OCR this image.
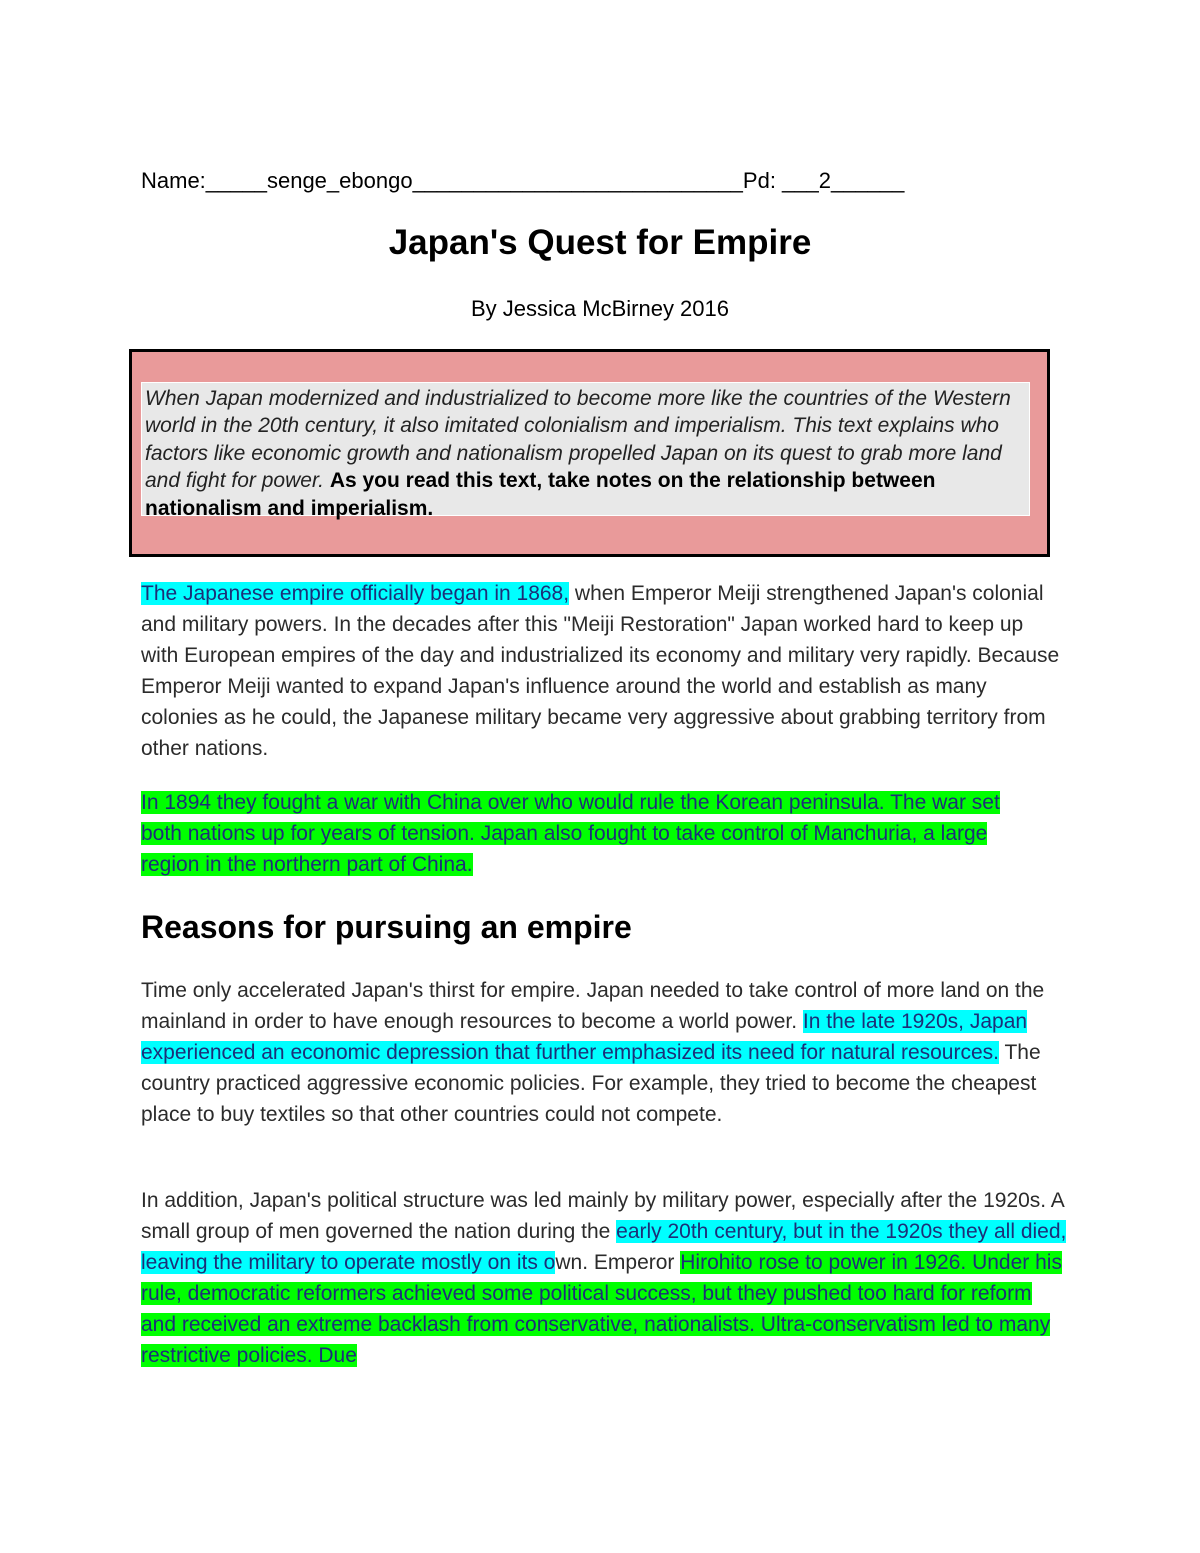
Name:_____senge_ebongo___________________________Pd: ___2______
Japan's Quest for Empire
By Jessica McBirney 2016
When Japan modernized and industrialized to become more like the countries of the Western world in the 20th century, it also imitated colonialism and imperialism. This text explains who factors like economic growth and nationalism propelled Japan on its quest to grab more land and fight for power. As you read this text, take notes on the relationship between nationalism and imperialism.
The Japanese empire officially began in 1868, when Emperor Meiji strengthened Japan's colonial and military powers. In the decades after this "Meiji Restoration" Japan worked hard to keep up with European empires of the day and industrialized its economy and military very rapidly. Because Emperor Meiji wanted to expand Japan's influence around the world and establish as many colonies as he could, the Japanese military became very aggressive about grabbing territory from other nations.
In 1894 they fought a war with China over who would rule the Korean peninsula. The war set both nations up for years of tension. Japan also fought to take control of Manchuria, a large region in the northern part of China.
Reasons for pursuing an empire
Time only accelerated Japan's thirst for empire. Japan needed to take control of more land on the mainland in order to have enough resources to become a world power. In the late 1920s, Japan experienced an economic depression that further emphasized its need for natural resources. The country practiced aggressive economic policies. For example, they tried to become the cheapest place to buy textiles so that other countries could not compete.
In addition, Japan's political structure was led mainly by military power, especially after the 1920s. A small group of men governed the nation during the early 20th century, but in the 1920s they all died, leaving the military to operate mostly on its own. Emperor Hirohito rose to power in 1926. Under his rule, democratic reformers achieved some political success, but they pushed too hard for reform and received an extreme backlash from conservative, nationalists. Ultra-conservatism led to many restrictive policies. Due
